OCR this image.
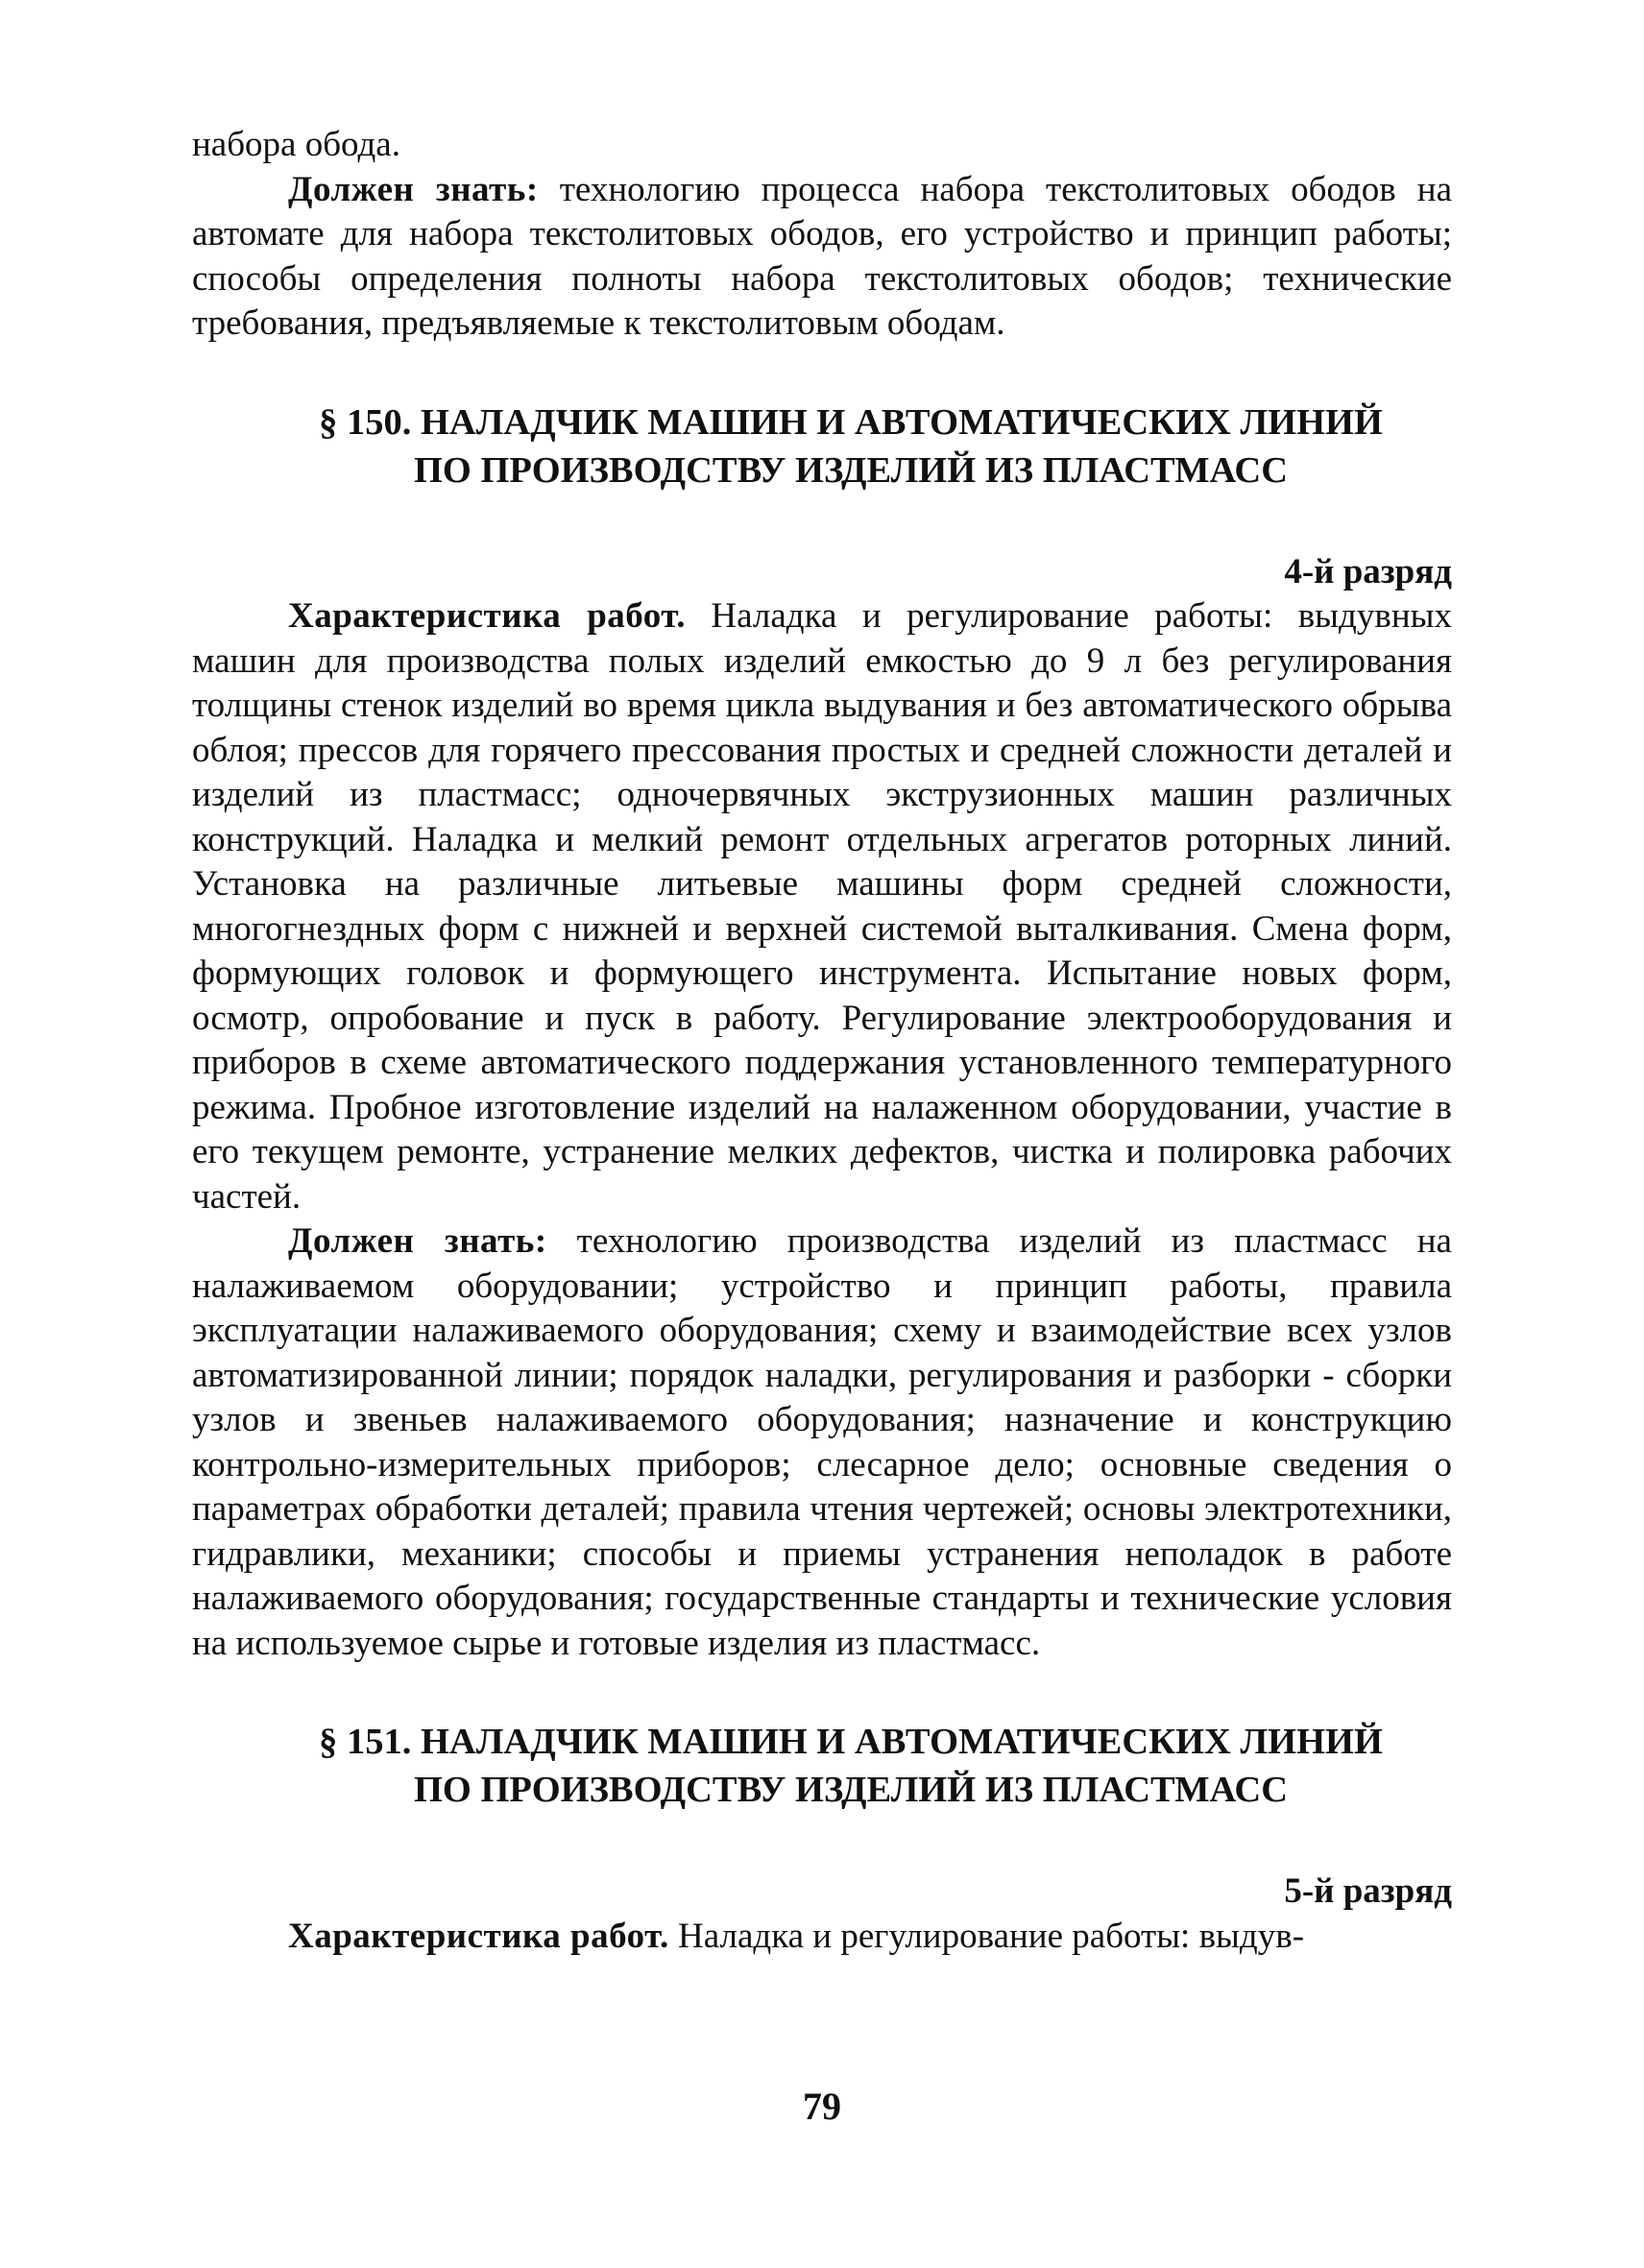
набора обода.

Должен знать: технологию процесса набора текстолитовых ободов на автомате для набора текстолитовых ободов, его устройство и принцип работы; способы определения полноты набора текстолитовых ободов; технические требования, предъявляемые к текстолитовым ободам.

§ 150. НАЛАДЧИК МАШИН И АВТОМАТИЧЕСКИХ ЛИНИЙ
ПО ПРОИЗВОДСТВУ ИЗДЕЛИЙ ИЗ ПЛАСТМАСС

4-й разряд

Характеристика работ. Наладка и регулирование работы: выдувных машин для производства полых изделий емкостью до 9 л без регулирования толщины стенок изделий во время цикла выдувания и без автоматического обрыва облоя; прессов для горячего прессования простых и средней сложности деталей и изделий из пластмасс; одночервячных экструзионных машин различных конструкций. Наладка и мелкий ремонт отдельных агрегатов роторных линий. Установка на различные литьевые машины форм средней сложности, многогнездных форм с нижней и верхней системой выталкивания. Смена форм, формующих головок и формующего инструмента. Испытание новых форм, осмотр, опробование и пуск в работу. Регулирование электрооборудования и приборов в схеме автоматического поддержания установленного температурного режима. Пробное изготовление изделий на налаженном оборудовании, участие в его текущем ремонте, устранение мелких дефектов, чистка и полировка рабочих частей.

Должен знать: технологию производства изделий из пластмасс на налаживаемом оборудовании; устройство и принцип работы, правила эксплуатации налаживаемого оборудования; схему и взаимодействие всех узлов автоматизированной линии; порядок наладки, регулирования и разборки - сборки узлов и звеньев налаживаемого оборудования; назначение и конструкцию контрольно-измерительных приборов; слесарное дело; основные сведения о параметрах обработки деталей; правила чтения чертежей; основы электротехники, гидравлики, механики; способы и приемы устранения неполадок в работе налаживаемого оборудования; государственные стандарты и технические условия на используемое сырье и готовые изделия из пластмасс.

§ 151. НАЛАДЧИК МАШИН И АВТОМАТИЧЕСКИХ ЛИНИЙ
ПО ПРОИЗВОДСТВУ ИЗДЕЛИЙ ИЗ ПЛАСТМАСС

5-й разряд

Характеристика работ. Наладка и регулирование работы: выдув-

79
